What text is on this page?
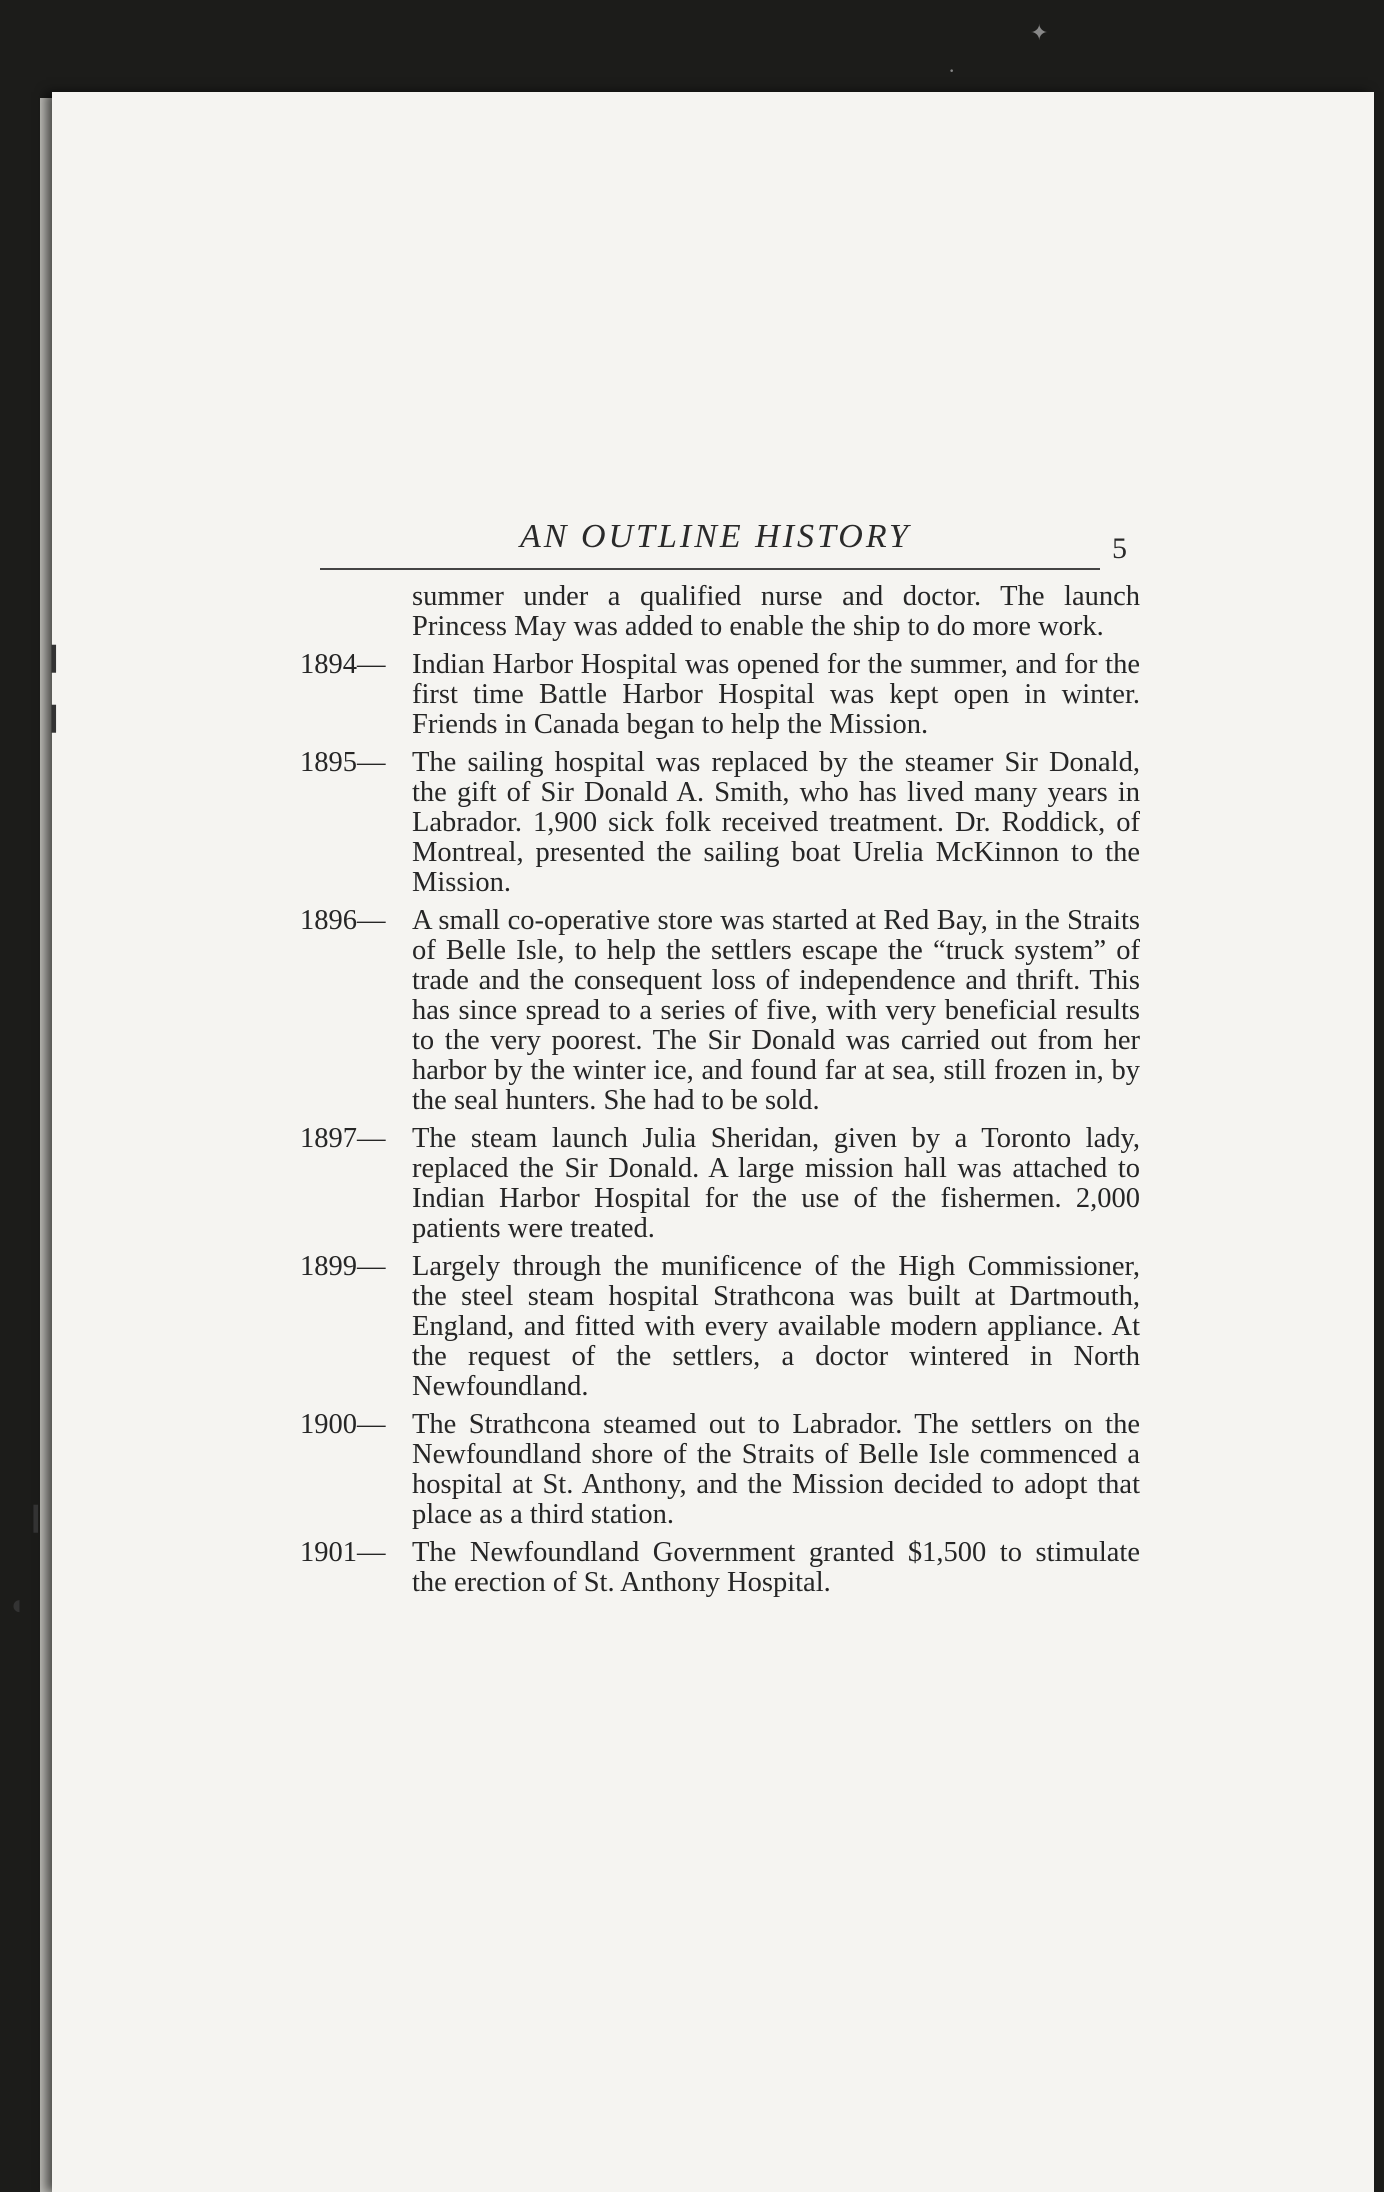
✦
·
❙
❙
❙
◖
AN OUTLINE HISTORY	5
summer under a qualified nurse and doctor. The launch Princess May was added to enable the ship to do more work.
1894— Indian Harbor Hospital was opened for the summer, and for the first time Battle Harbor Hospital was kept open in winter. Friends in Canada began to help the Mission.
1895— The sailing hospital was replaced by the steamer Sir Donald, the gift of Sir Donald A. Smith, who has lived many years in Labrador. 1,900 sick folk received treatment. Dr. Roddick, of Montreal, presented the sailing boat Urelia McKinnon to the Mission.
1896— A small co-operative store was started at Red Bay, in the Straits of Belle Isle, to help the settlers escape the “truck system” of trade and the consequent loss of independence and thrift. This has since spread to a series of five, with very beneficial results to the very poorest. The Sir Donald was carried out from her harbor by the winter ice, and found far at sea, still frozen in, by the seal hunters. She had to be sold.
1897— The steam launch Julia Sheridan, given by a Toronto lady, replaced the Sir Donald. A large mission hall was attached to Indian Harbor Hospital for the use of the fishermen. 2,000 patients were treated.
1899— Largely through the munificence of the High Commissioner, the steel steam hospital Strathcona was built at Dartmouth, England, and fitted with every available modern appliance. At the request of the settlers, a doctor wintered in North Newfoundland.
1900— The Strathcona steamed out to Labrador. The settlers on the Newfoundland shore of the Straits of Belle Isle commenced a hospital at St. Anthony, and the Mission decided to adopt that place as a third station.
1901— The Newfoundland Government granted $1,500 to stimulate the erection of St. Anthony Hospital.
